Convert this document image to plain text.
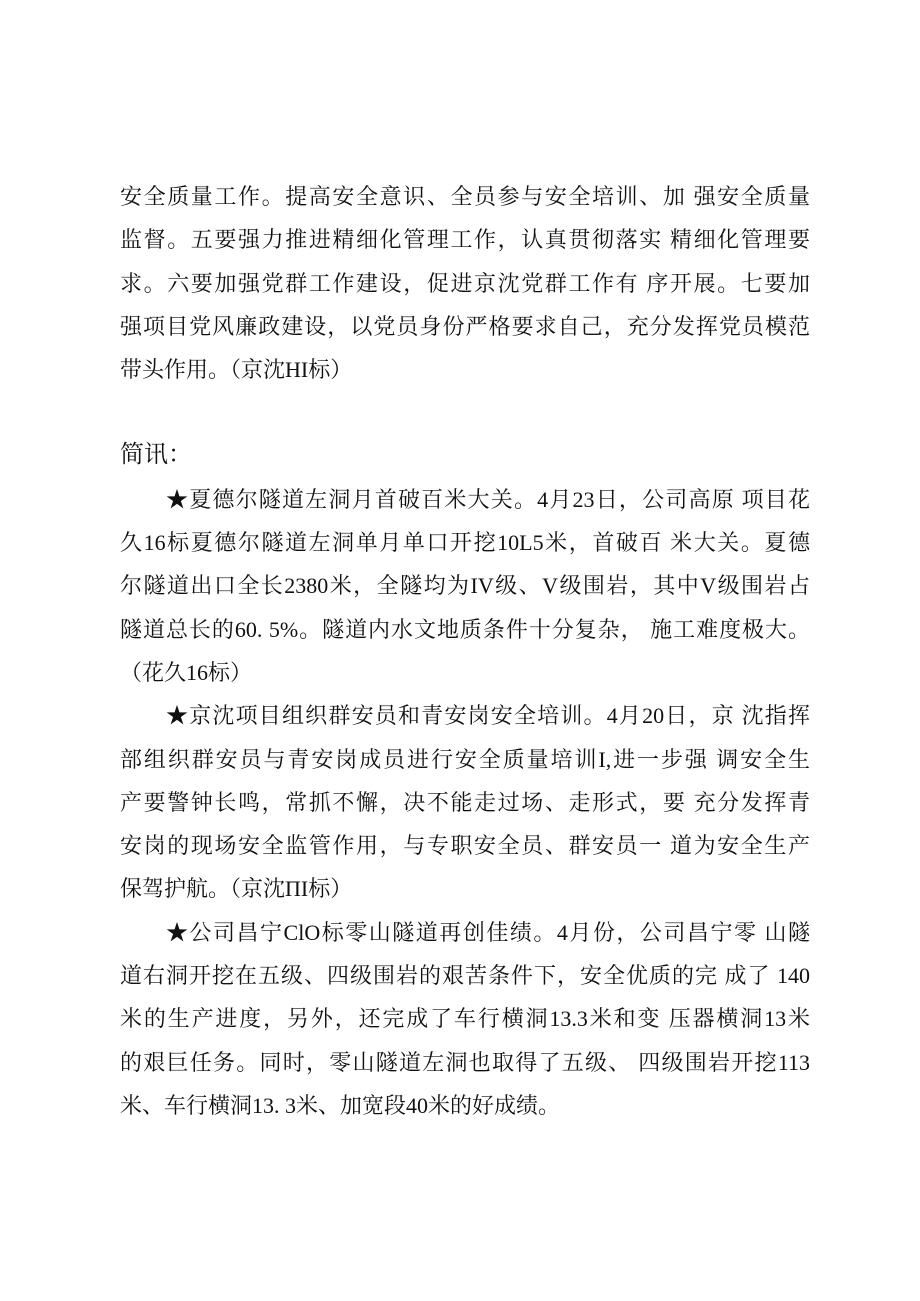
安全质量工作。提高安全意识、全员参与安全培训、加 强安全质量
监督。五要强力推进精细化管理工作，认真贯彻落实 精细化管理要
求。六要加强党群工作建设，促进京沈党群工作有 序开展。七要加
强项目党风廉政建设，以党员身份严格要求自己，充分发挥党员模范
带头作用。（京沈HI标）
简讯：
★夏德尔隧道左洞月首破百米大关。4月23日，公司高原 项目花
久16标夏德尔隧道左洞单月单口开挖10L5米，首破百 米大关。夏德
尔隧道出口全长2380米，全隧均为IV级、V级围岩，其中V级围岩占
隧道总长的60. 5%。隧道内水文地质条件十分复杂， 施工难度极大。
（花久16标）
★京沈项目组织群安员和青安岗安全培训。4月20日，京 沈指挥
部组织群安员与青安岗成员进行安全质量培训I,进一步强 调安全生
产要警钟长鸣，常抓不懈，决不能走过场、走形式，要 充分发挥青
安岗的现场安全监管作用，与专职安全员、群安员一 道为安全生产
保驾护航。（京沈ΠI标）
★公司昌宁ClO标零山隧道再创佳绩。4月份，公司昌宁零 山隧
道右洞开挖在五级、四级围岩的艰苦条件下，安全优质的完 成了 140
米的生产进度，另外，还完成了车行横洞13.3米和变 压器横洞13米
的艰巨任务。同时，零山隧道左洞也取得了五级、 四级围岩开挖113
米、车行横洞13. 3米、加宽段40米的好成绩。
